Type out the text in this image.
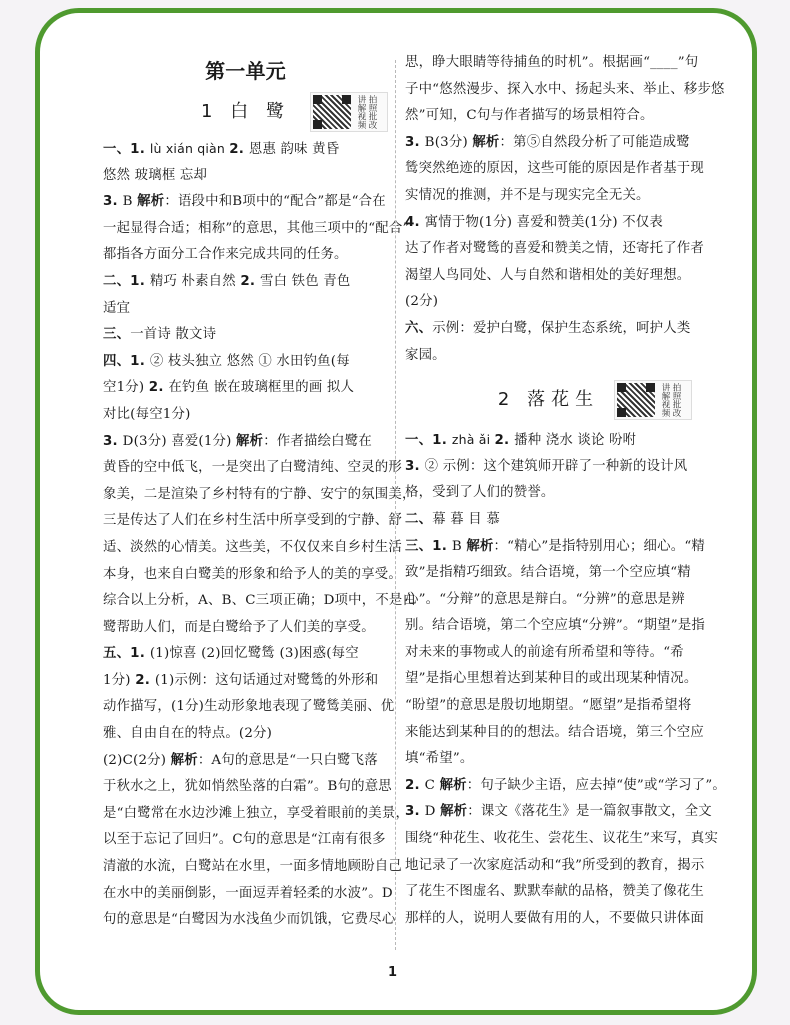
第一单元
1 白 鹭	拍照批改
讲解视频
一、1. lù xián qiàn 2. 恩惠 韵味 黄昏
悠然 玻璃框 忘却
3. B 解析：语段中和B项中的“配合”都是“合在
一起显得合适；相称”的意思，其他三项中的“配合”
都指各方面分工合作来完成共同的任务。
二、1. 精巧 朴素自然 2. 雪白 铁色 青色
适宜
三、一首诗 散文诗
四、1. ② 枝头独立 悠然 ① 水田钓鱼(每
空1分) 2. 在钓鱼 嵌在玻璃框里的画 拟人
对比(每空1分)
3. D(3分) 喜爱(1分) 解析：作者描绘白鹭在
黄昏的空中低飞，一是突出了白鹭清纯、空灵的形
象美，二是渲染了乡村特有的宁静、安宁的氛围美，
三是传达了人们在乡村生活中所享受到的宁静、舒
适、淡然的心情美。这些美，不仅仅来自乡村生活
本身，也来自白鹭美的形象和给予人的美的享受。
综合以上分析，A、B、C三项正确；D项中，不是白
鹭帮助人们，而是白鹭给予了人们美的享受。
五、1. (1)惊喜 (2)回忆鹭鸶 (3)困惑(每空
1分) 2. (1)示例：这句话通过对鹭鸶的外形和
动作描写，(1分)生动形象地表现了鹭鸶美丽、优
雅、自由自在的特点。(2分)
(2)C(2分) 解析：A句的意思是“一只白鹭飞落
于秋水之上，犹如悄然坠落的白霜”。B句的意思
是“白鹭常在水边沙滩上独立，享受着眼前的美景，
以至于忘记了回归”。C句的意思是“江南有很多
清澈的水流，白鹭站在水里，一面多情地顾盼自己
在水中的美丽倒影，一面逗弄着轻柔的水波”。D
句的意思是“白鹭因为水浅鱼少而饥饿，它费尽心
思，睁大眼睛等待捕鱼的时机”。根据画“____”句
子中“悠然漫步、探入水中、扬起头来、举止、移步悠
然”可知，C句与作者描写的场景相符合。
3. B(3分) 解析：第⑤自然段分析了可能造成鹭
鸶突然绝迹的原因，这些可能的原因是作者基于现
实情况的推测，并不是与现实完全无关。
4. 寓情于物(1分) 喜爱和赞美(1分) 不仅表
达了作者对鹭鸶的喜爱和赞美之情，还寄托了作者
渴望人鸟同处、人与自然和谐相处的美好理想。
(2分)
六、示例：爱护白鹭，保护生态系统，呵护人类
家园。
2 落花生	拍照批改
讲解视频
一、1. zhà ǎi 2. 播种 浇水 谈论 吩咐
3. ② 示例：这个建筑师开辟了一种新的设计风
格，受到了人们的赞誉。
二、幕 暮 目 慕
三、1. B 解析：“精心”是指特别用心；细心。“精
致”是指精巧细致。结合语境，第一个空应填“精
心”。“分辩”的意思是辩白。“分辨”的意思是辨
别。结合语境，第二个空应填“分辨”。“期望”是指
对未来的事物或人的前途有所希望和等待。“希
望”是指心里想着达到某种目的或出现某种情况。
“盼望”的意思是殷切地期望。“愿望”是指希望将
来能达到某种目的的想法。结合语境，第三个空应
填“希望”。
2. C 解析：句子缺少主语，应去掉“使”或“学习了”。
3. D 解析：课文《落花生》是一篇叙事散文，全文
围绕“种花生、收花生、尝花生、议花生”来写，真实
地记录了一次家庭活动和“我”所受到的教育，揭示
了花生不图虚名、默默奉献的品格，赞美了像花生
那样的人，说明人要做有用的人，不要做只讲体面
1
